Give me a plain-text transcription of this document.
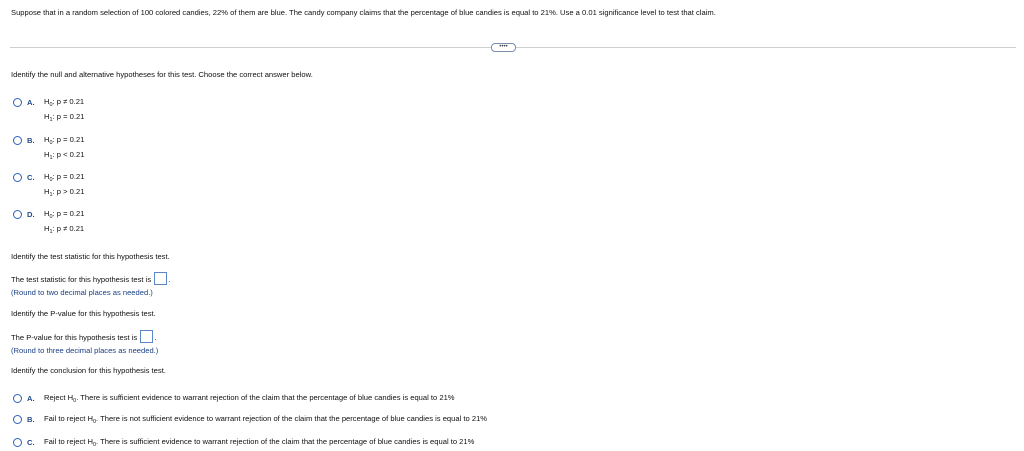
Suppose that in a random selection of 100 colored candies, 22% of them are blue. The candy company claims that the percentage of blue candies is equal to 21%. Use a 0.01 significance level to test that claim.
••••
Identify the null and alternative hypotheses for this test. Choose the correct answer below.
A. $H_0$: p ≠ 0.21
$H_1$: p = 0.21
B. $H_0$: p = 0.21
$H_1$: p < 0.21
C. $H_0$: p = 0.21
$H_1$: p > 0.21
D. $H_0$: p = 0.21
$H_1$: p ≠ 0.21
Identify the test statistic for this hypothesis test.
The test statistic for this hypothesis test is .
(Round to two decimal places as needed.)
Identify the P-value for this hypothesis test.
The P-value for this hypothesis test is .
(Round to three decimal places as needed.)
Identify the conclusion for this hypothesis test.
A. Reject $H_0$. There is sufficient evidence to warrant rejection of the claim that the percentage of blue candies is equal to 21%
B. Fail to reject $H_0$. There is not sufficient evidence to warrant rejection of the claim that the percentage of blue candies is equal to 21%
C. Fail to reject $H_0$. There is sufficient evidence to warrant rejection of the claim that the percentage of blue candies is equal to 21%
